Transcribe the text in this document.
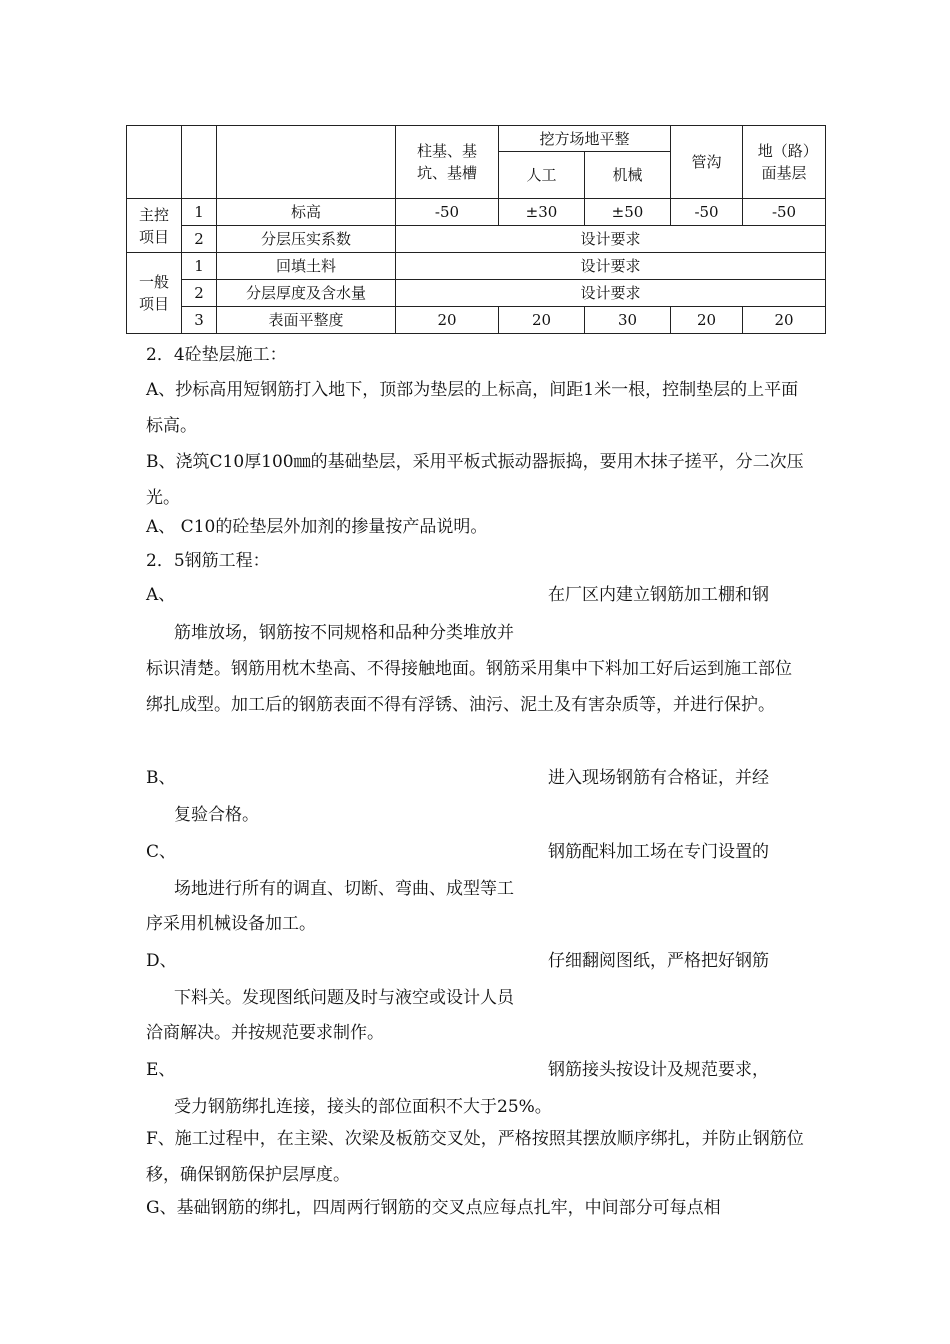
			柱基、基坑、基槽	挖方场地平整		管沟	地（路）面基层
				人工	机械		
主控项目	1	标高	-50	±30	±50	-50	-50
	2	分层压实系数	设计要求				
一般项目	1	回填土料	设计要求				
	2	分层厚度及含水量	设计要求				
	3	表面平整度	20	20	30	20	20
2．4砼垫层施工：
A、抄标高用短钢筋打入地下，顶部为垫层的上标高，间距1米一根，控制垫层的上平面标高。
B、浇筑C10厚100㎜的基础垫层，采用平板式振动器振捣，要用木抹子搓平，分二次压光。
A、 C10的砼垫层外加剂的掺量按产品说明。
2．5钢筋工程：
A、	在厂区内建立钢筋加工棚和钢
筋堆放场，钢筋按不同规格和品种分类堆放并
标识清楚。钢筋用枕木垫高、不得接触地面。钢筋采用集中下料加工好后运到施工部位绑扎成型。加工后的钢筋表面不得有浮锈、油污、泥土及有害杂质等，并进行保护。
B、	进入现场钢筋有合格证，并经
复验合格。
C、	钢筋配料加工场在专门设置的
场地进行所有的调直、切断、弯曲、成型等工
序采用机械设备加工。
D、	仔细翻阅图纸，严格把好钢筋
下料关。发现图纸问题及时与液空或设计人员
洽商解决。并按规范要求制作。
E、	钢筋接头按设计及规范要求，
受力钢筋绑扎连接，接头的部位面积不大于25%。
F、施工过程中，在主梁、次梁及板筋交叉处，严格按照其摆放顺序绑扎，并防止钢筋位移，确保钢筋保护层厚度。
G、基础钢筋的绑扎，四周两行钢筋的交叉点应每点扎牢，中间部分可每点相
